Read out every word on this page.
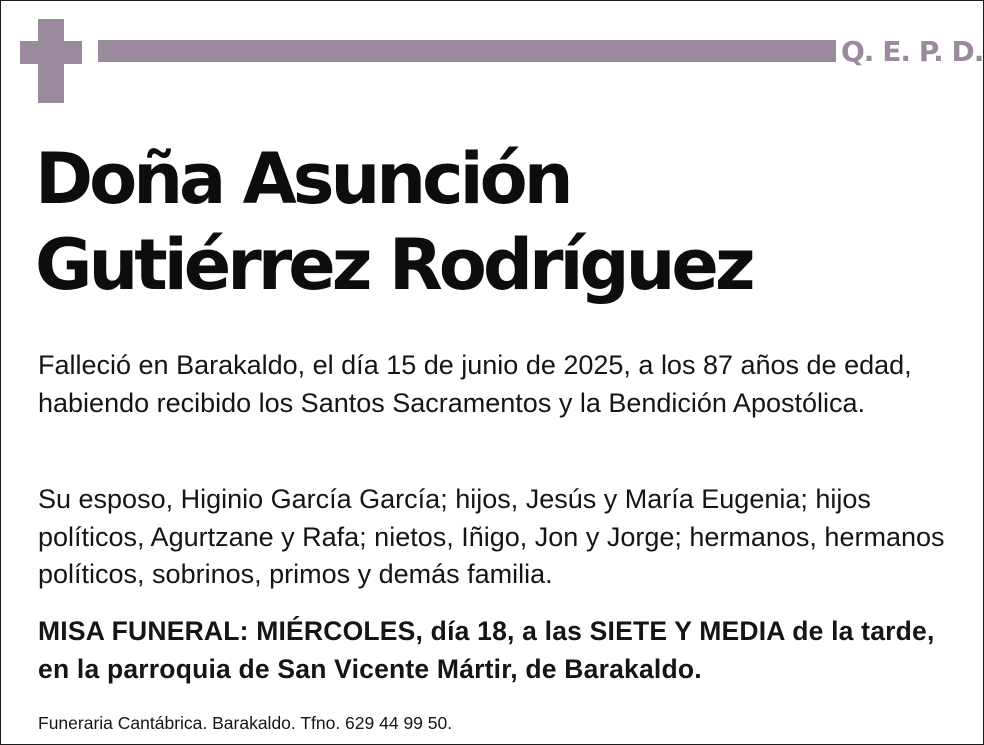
Q. E. P. D.
Doña Asunción
Gutiérrez Rodríguez
Falleció en Barakaldo, el día 15 de junio de 2025, a los 87 años de edad, habiendo recibido los Santos Sacramentos y la Bendición Apostólica.
Su esposo, Higinio García García; hijos, Jesús y María Eugenia; hijos políticos, Agurtzane y Rafa; nietos, Iñigo, Jon y Jorge; hermanos, hermanos políticos, sobrinos, primos y demás familia.
MISA FUNERAL: MIÉRCOLES, día 18, a las SIETE Y MEDIA de la tarde, en la parroquia de San Vicente Mártir, de Barakaldo.
Funeraria Cantábrica. Barakaldo. Tfno. 629 44 99 50.
